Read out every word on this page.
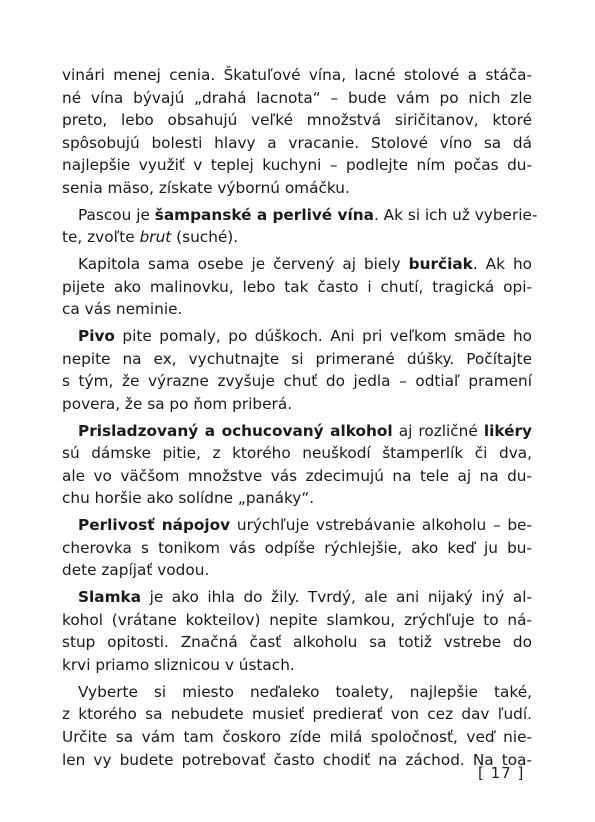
vinári menej cenia. Škatuľové vína, lacné stolové a stáča-
né vína bývajú „drahá lacnota“ – bude vám po nich zle
preto, lebo obsahujú veľké množstvá siričitanov, ktoré
spôsobujú bolesti hlavy a vracanie. Stolové víno sa dá
najlepšie využiť v teplej kuchyni – podlejte ním počas du-
senia mäso, získate výbornú omáčku.
Pascou je šampanské a perlivé vína. Ak si ich už vyberie-
te, zvoľte brut (suché).
Kapitola sama osebe je červený aj biely burčiak. Ak ho
pijete ako malinovku, lebo tak často i chutí, tragická opi-
ca vás neminie.
Pivo pite pomaly, po dúškoch. Ani pri veľkom smäde ho
nepite na ex, vychutnajte si primerané dúšky. Počítajte
s tým, že výrazne zvyšuje chuť do jedla – odtiaľ pramení
povera, že sa po ňom priberá.
Prisladzovaný a ochucovaný alkohol aj rozličné likéry
sú dámske pitie, z ktorého neuškodí štamperlík či dva,
ale vo väčšom množstve vás zdecimujú na tele aj na du-
chu horšie ako solídne „panáky“.
Perlivosť nápojov urýchľuje vstrebávanie alkoholu – be-
cherovka s tonikom vás odpíše rýchlejšie, ako keď ju bu-
dete zapíjať vodou.
Slamka je ako ihla do žily. Tvrdý, ale ani nijaký iný al-
kohol (vrátane kokteilov) nepite slamkou, zrýchľuje to ná-
stup opitosti. Značná časť alkoholu sa totiž vstrebe do
krvi priamo sliznicou v ústach.
Vyberte si miesto neďaleko toalety, najlepšie také,
z ktorého sa nebudete musieť predierať von cez dav ľudí.
Určite sa vám tam čoskoro zíde milá spoločnosť, veď nie-
len vy budete potrebovať často chodiť na záchod. Na toa-
[ 17 ]
